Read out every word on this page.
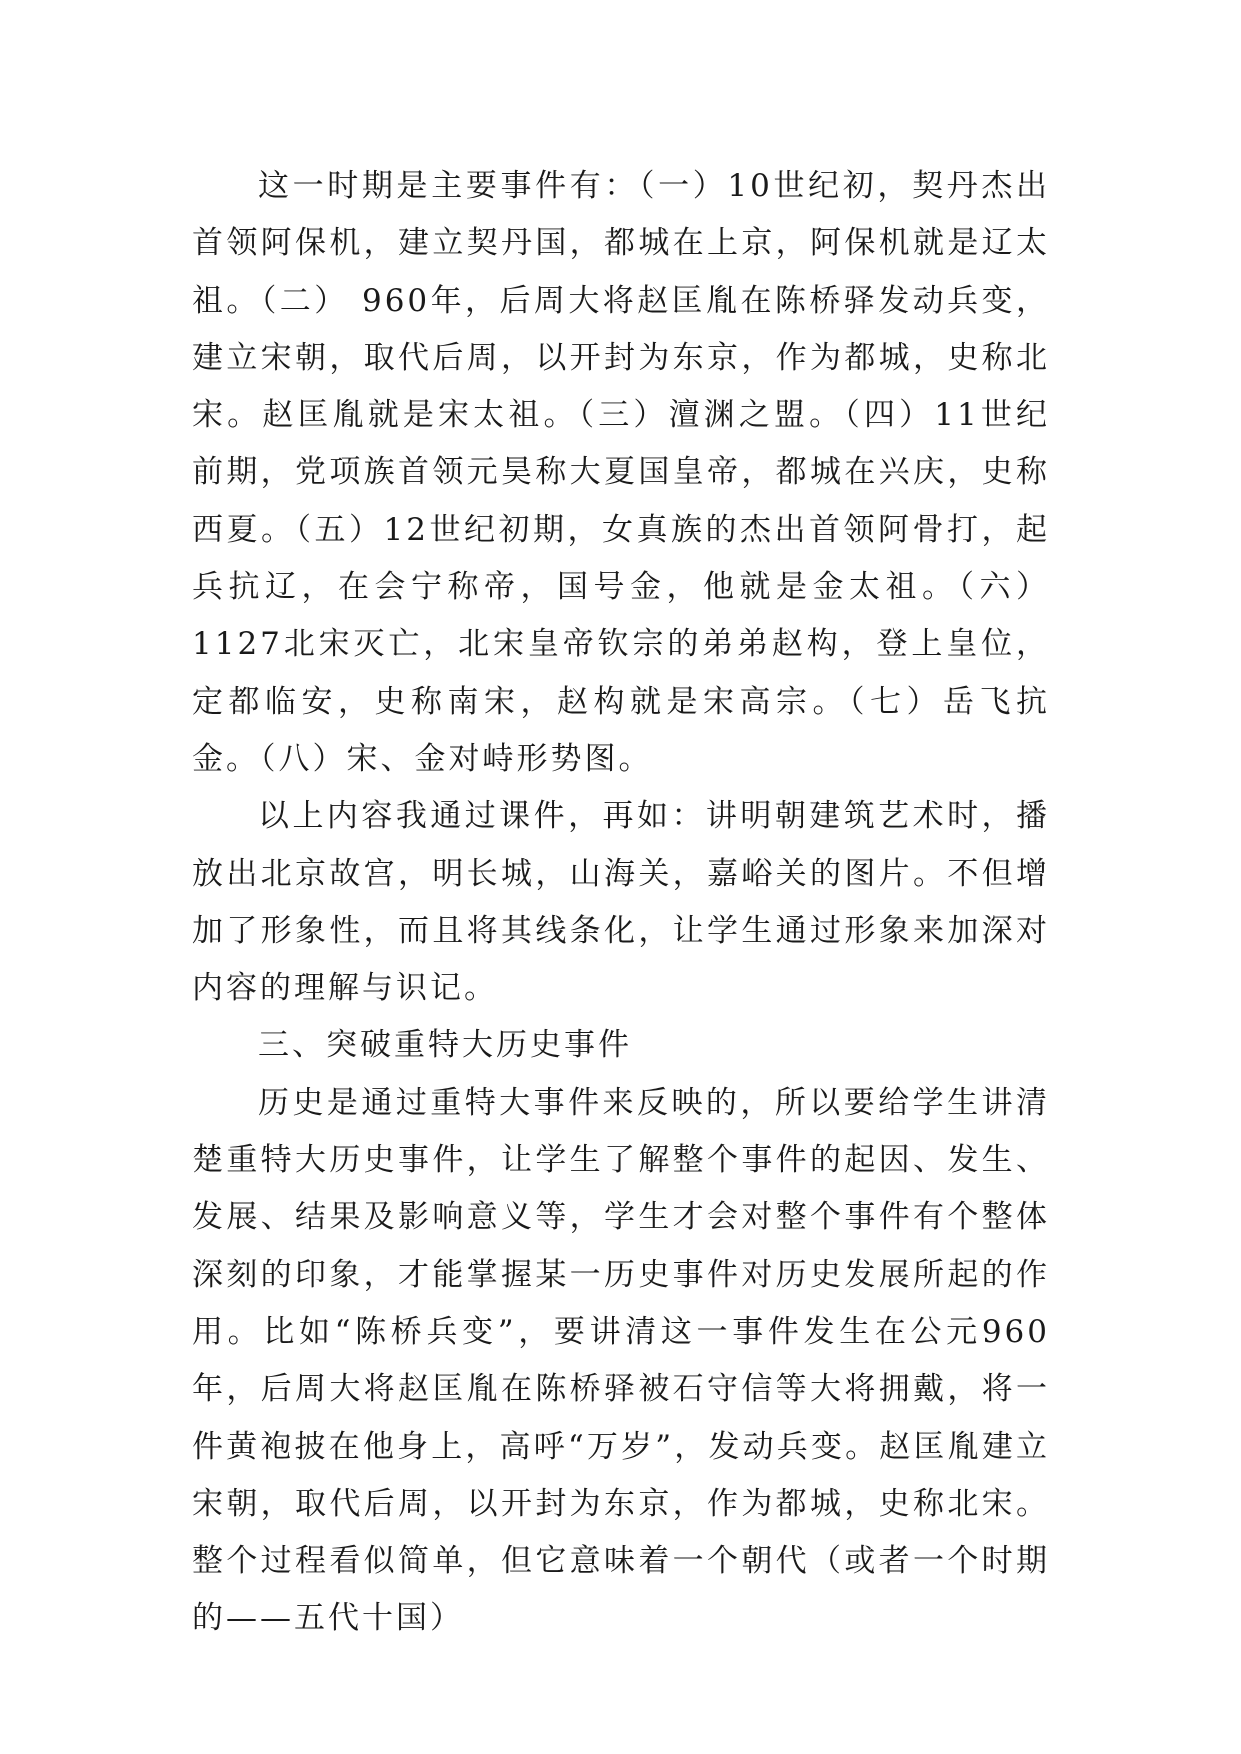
这一时期是主要事件有：（一）10世纪初，契丹杰出首领阿保机，建立契丹国，都城在上京，阿保机就是辽太祖。（二） 960年，后周大将赵匡胤在陈桥驿发动兵变，建立宋朝，取代后周，以开封为东京，作为都城，史称北宋。赵匡胤就是宋太祖。（三）澶渊之盟。（四）11世纪前期，党项族首领元昊称大夏国皇帝，都城在兴庆，史称西夏。（五）12世纪初期，女真族的杰出首领阿骨打，起兵抗辽，在会宁称帝，国号金，他就是金太祖。（六）1127北宋灭亡，北宋皇帝钦宗的弟弟赵构，登上皇位，定都临安，史称南宋，赵构就是宋高宗。（七）岳飞抗金。（八）宋、金对峙形势图。

以上内容我通过课件，再如：讲明朝建筑艺术时，播放出北京故宫，明长城，山海关，嘉峪关的图片。不但增加了形象性，而且将其线条化，让学生通过形象来加深对内容的理解与识记。

三、突破重特大历史事件

历史是通过重特大事件来反映的，所以要给学生讲清楚重特大历史事件，让学生了解整个事件的起因、发生、发展、结果及影响意义等，学生才会对整个事件有个整体深刻的印象，才能掌握某一历史事件对历史发展所起的作用。比如“陈桥兵变”，要讲清这一事件发生在公元960年，后周大将赵匡胤在陈桥驿被石守信等大将拥戴，将一件黄袍披在他身上，高呼“万岁”，发动兵变。赵匡胤建立宋朝，取代后周，以开封为东京，作为都城，史称北宋。整个过程看似简单，但它意味着一个朝代（或者一个时期的——五代十国）
